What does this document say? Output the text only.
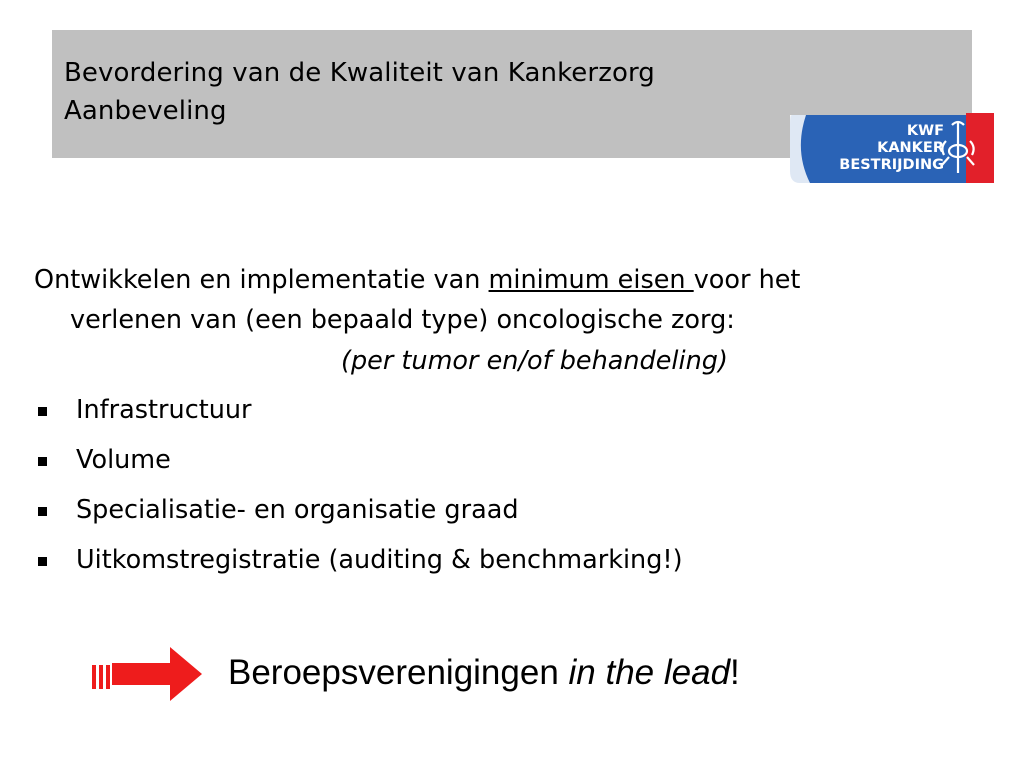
Bevordering van de Kwaliteit van Kankerzorg
Aanbeveling
KWF
KANKER
BESTRIJDING
Ontwikkelen en implementatie van minimum eisen voor het
verlenen van (een bepaald type) oncologische zorg:
(per tumor en/of behandeling)
Infrastructuur
Volume
Specialisatie- en organisatie graad
Uitkomstregistratie (auditing & benchmarking!)
Beroepsverenigingen in the lead!
